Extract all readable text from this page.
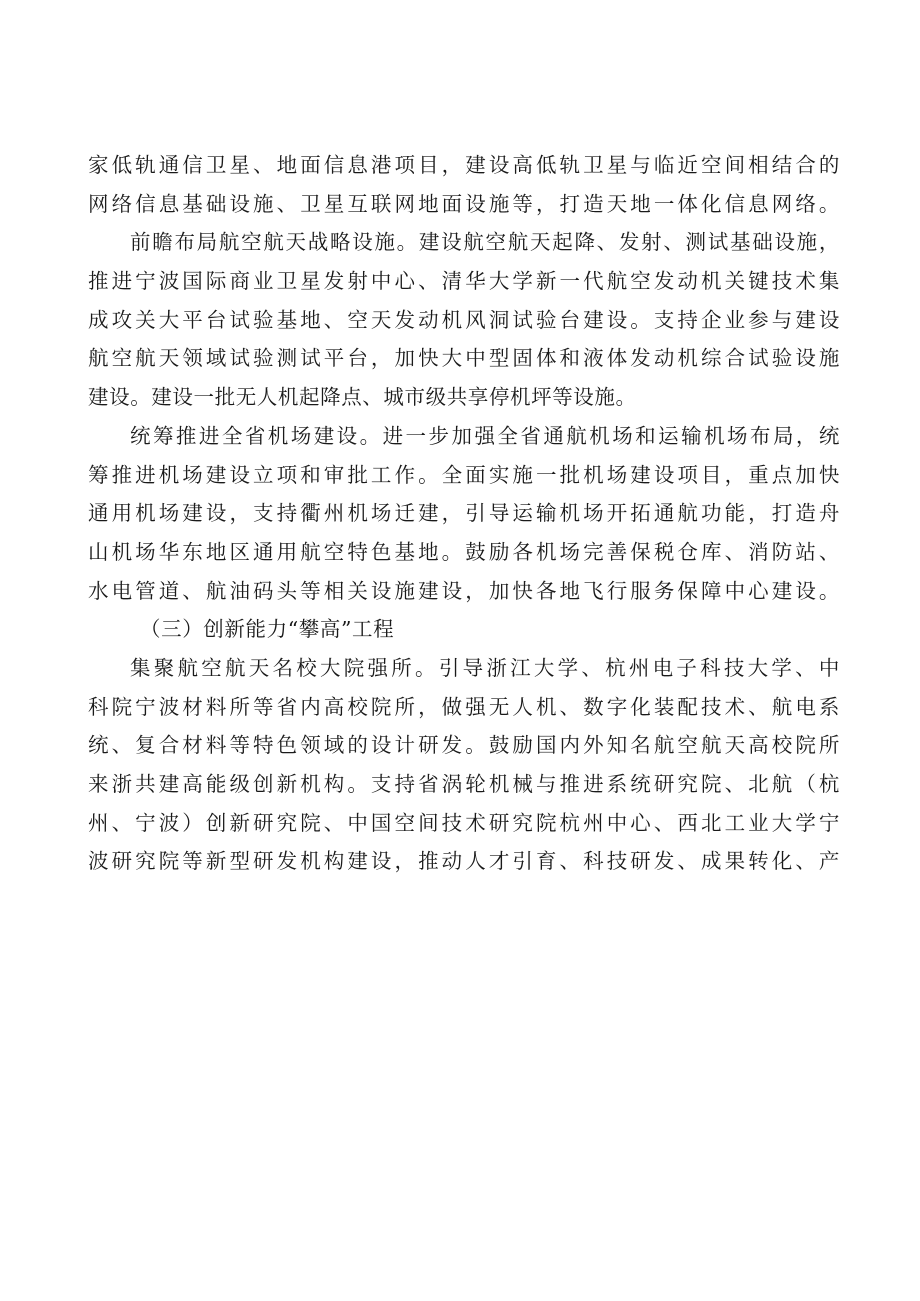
家低轨通信卫星、地面信息港项目，建设高低轨卫星与临近空间相结合的
网络信息基础设施、卫星互联网地面设施等，打造天地一体化信息网络。
前瞻布局航空航天战略设施。建设航空航天起降、发射、测试基础设施，
推进宁波国际商业卫星发射中心、清华大学新一代航空发动机关键技术集
成攻关大平台试验基地、空天发动机风洞试验台建设。支持企业参与建设
航空航天领域试验测试平台，加快大中型固体和液体发动机综合试验设施
建设。建设一批无人机起降点、城市级共享停机坪等设施。
统筹推进全省机场建设。进一步加强全省通航机场和运输机场布局，统
筹推进机场建设立项和审批工作。全面实施一批机场建设项目，重点加快
通用机场建设，支持衢州机场迁建，引导运输机场开拓通航功能，打造舟
山机场华东地区通用航空特色基地。鼓励各机场完善保税仓库、消防站、
水电管道、航油码头等相关设施建设，加快各地飞行服务保障中心建设。
（三）创新能力“攀高”工程
集聚航空航天名校大院强所。引导浙江大学、杭州电子科技大学、中
科院宁波材料所等省内高校院所，做强无人机、数字化装配技术、航电系
统、复合材料等特色领域的设计研发。鼓励国内外知名航空航天高校院所
来浙共建高能级创新机构。支持省涡轮机械与推进系统研究院、北航（杭
州、宁波）创新研究院、中国空间技术研究院杭州中心、西北工业大学宁
波研究院等新型研发机构建设，推动人才引育、科技研发、成果转化、产
